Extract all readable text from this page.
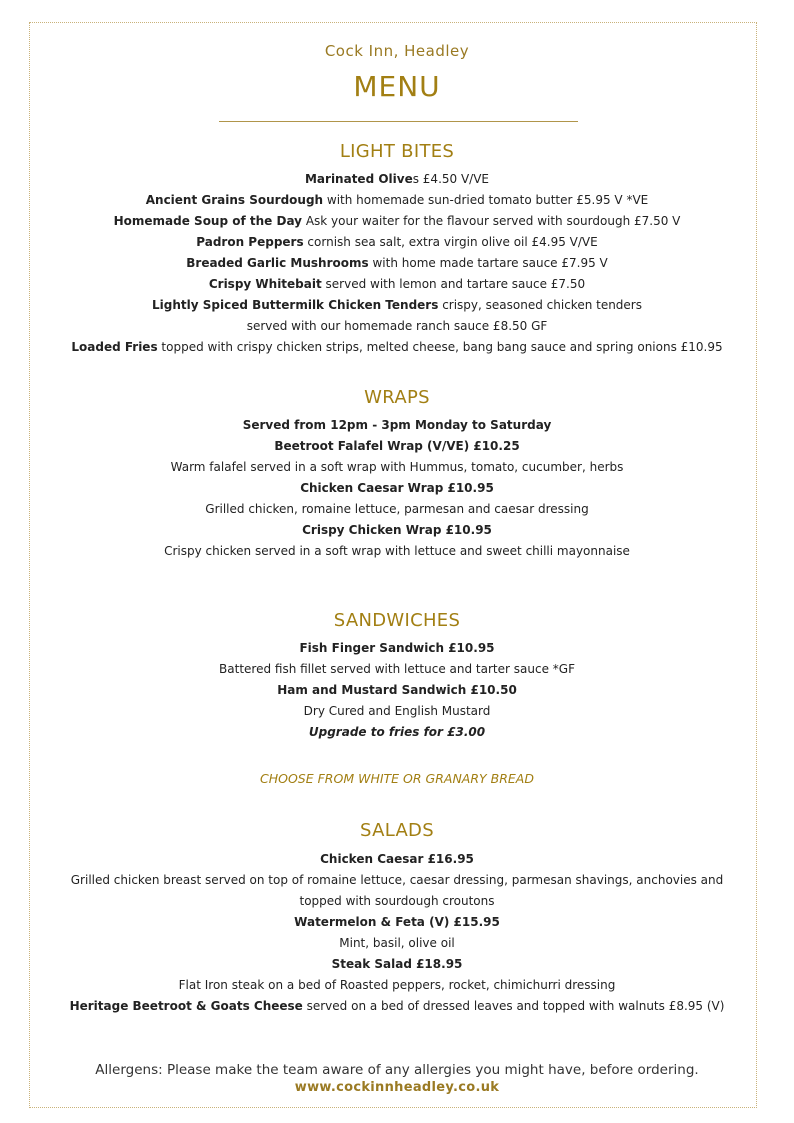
Cock Inn, Headley
MENU
LIGHT BITES
Marinated Olives £4.50 V/VE
Ancient Grains Sourdough with homemade sun-dried tomato butter £5.95 V *VE
Homemade Soup of the Day Ask your waiter for the flavour served with sourdough £7.50 V
Padron Peppers cornish sea salt, extra virgin olive oil £4.95 V/VE
Breaded Garlic Mushrooms with home made tartare sauce £7.95 V
Crispy Whitebait served with lemon and tartare sauce £7.50
Lightly Spiced Buttermilk Chicken Tenders crispy, seasoned chicken tenders
served with our homemade ranch sauce £8.50 GF
Loaded Fries topped with crispy chicken strips, melted cheese, bang bang sauce and spring onions £10.95
WRAPS
Served from 12pm - 3pm Monday to Saturday
Beetroot Falafel Wrap (V/VE) £10.25
Warm falafel served in a soft wrap with Hummus, tomato, cucumber, herbs
Chicken Caesar Wrap £10.95
Grilled chicken, romaine lettuce, parmesan and caesar dressing
Crispy Chicken Wrap £10.95
Crispy chicken served in a soft wrap with lettuce and sweet chilli mayonnaise
SANDWICHES
Fish Finger Sandwich £10.95
Battered fish fillet served with lettuce and tarter sauce *GF
Ham and Mustard Sandwich £10.50
Dry Cured and English Mustard
Upgrade to fries for £3.00
CHOOSE FROM WHITE OR GRANARY BREAD
SALADS
Chicken Caesar £16.95
Grilled chicken breast served on top of romaine lettuce, caesar dressing, parmesan shavings, anchovies and
topped with sourdough croutons
Watermelon & Feta (V) £15.95
Mint, basil, olive oil
Steak Salad £18.95
Flat Iron steak on a bed of Roasted peppers, rocket, chimichurri dressing
Heritage Beetroot & Goats Cheese served on a bed of dressed leaves and topped with walnuts £8.95 (V)
Allergens: Please make the team aware of any allergies you might have, before ordering.
www.cockinnheadley.co.uk
